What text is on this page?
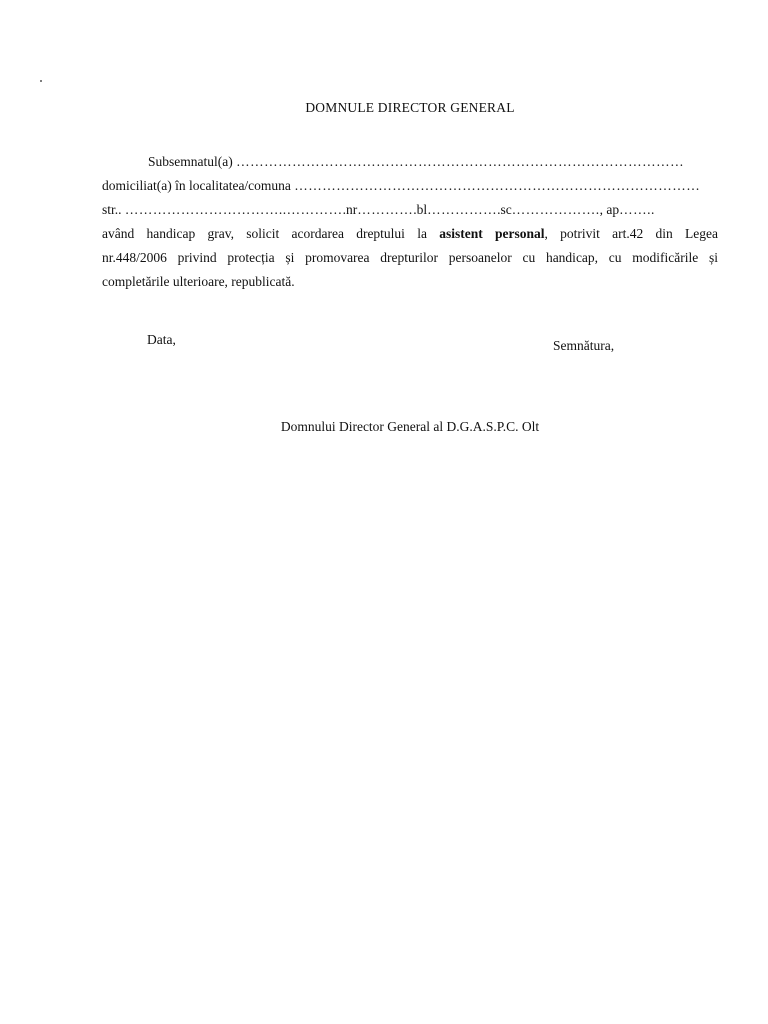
DOMNULE DIRECTOR GENERAL
Subsemnatul(a) ……………………………………………………………………………………
domiciliat(a) în localitatea/comuna ……………………………………………………………………………
str.. ……………………………..………….nr………….bl…………….sc………………., ap……..
având handicap grav, solicit acordarea dreptului la asistent personal, potrivit art.42 din Legea
nr.448/2006 privind protecția și promovarea drepturilor persoanelor cu handicap, cu modificările și
completările ulterioare, republicată.
Data,	Semnătura,
Domnului Director General al D.G.A.S.P.C. Olt
